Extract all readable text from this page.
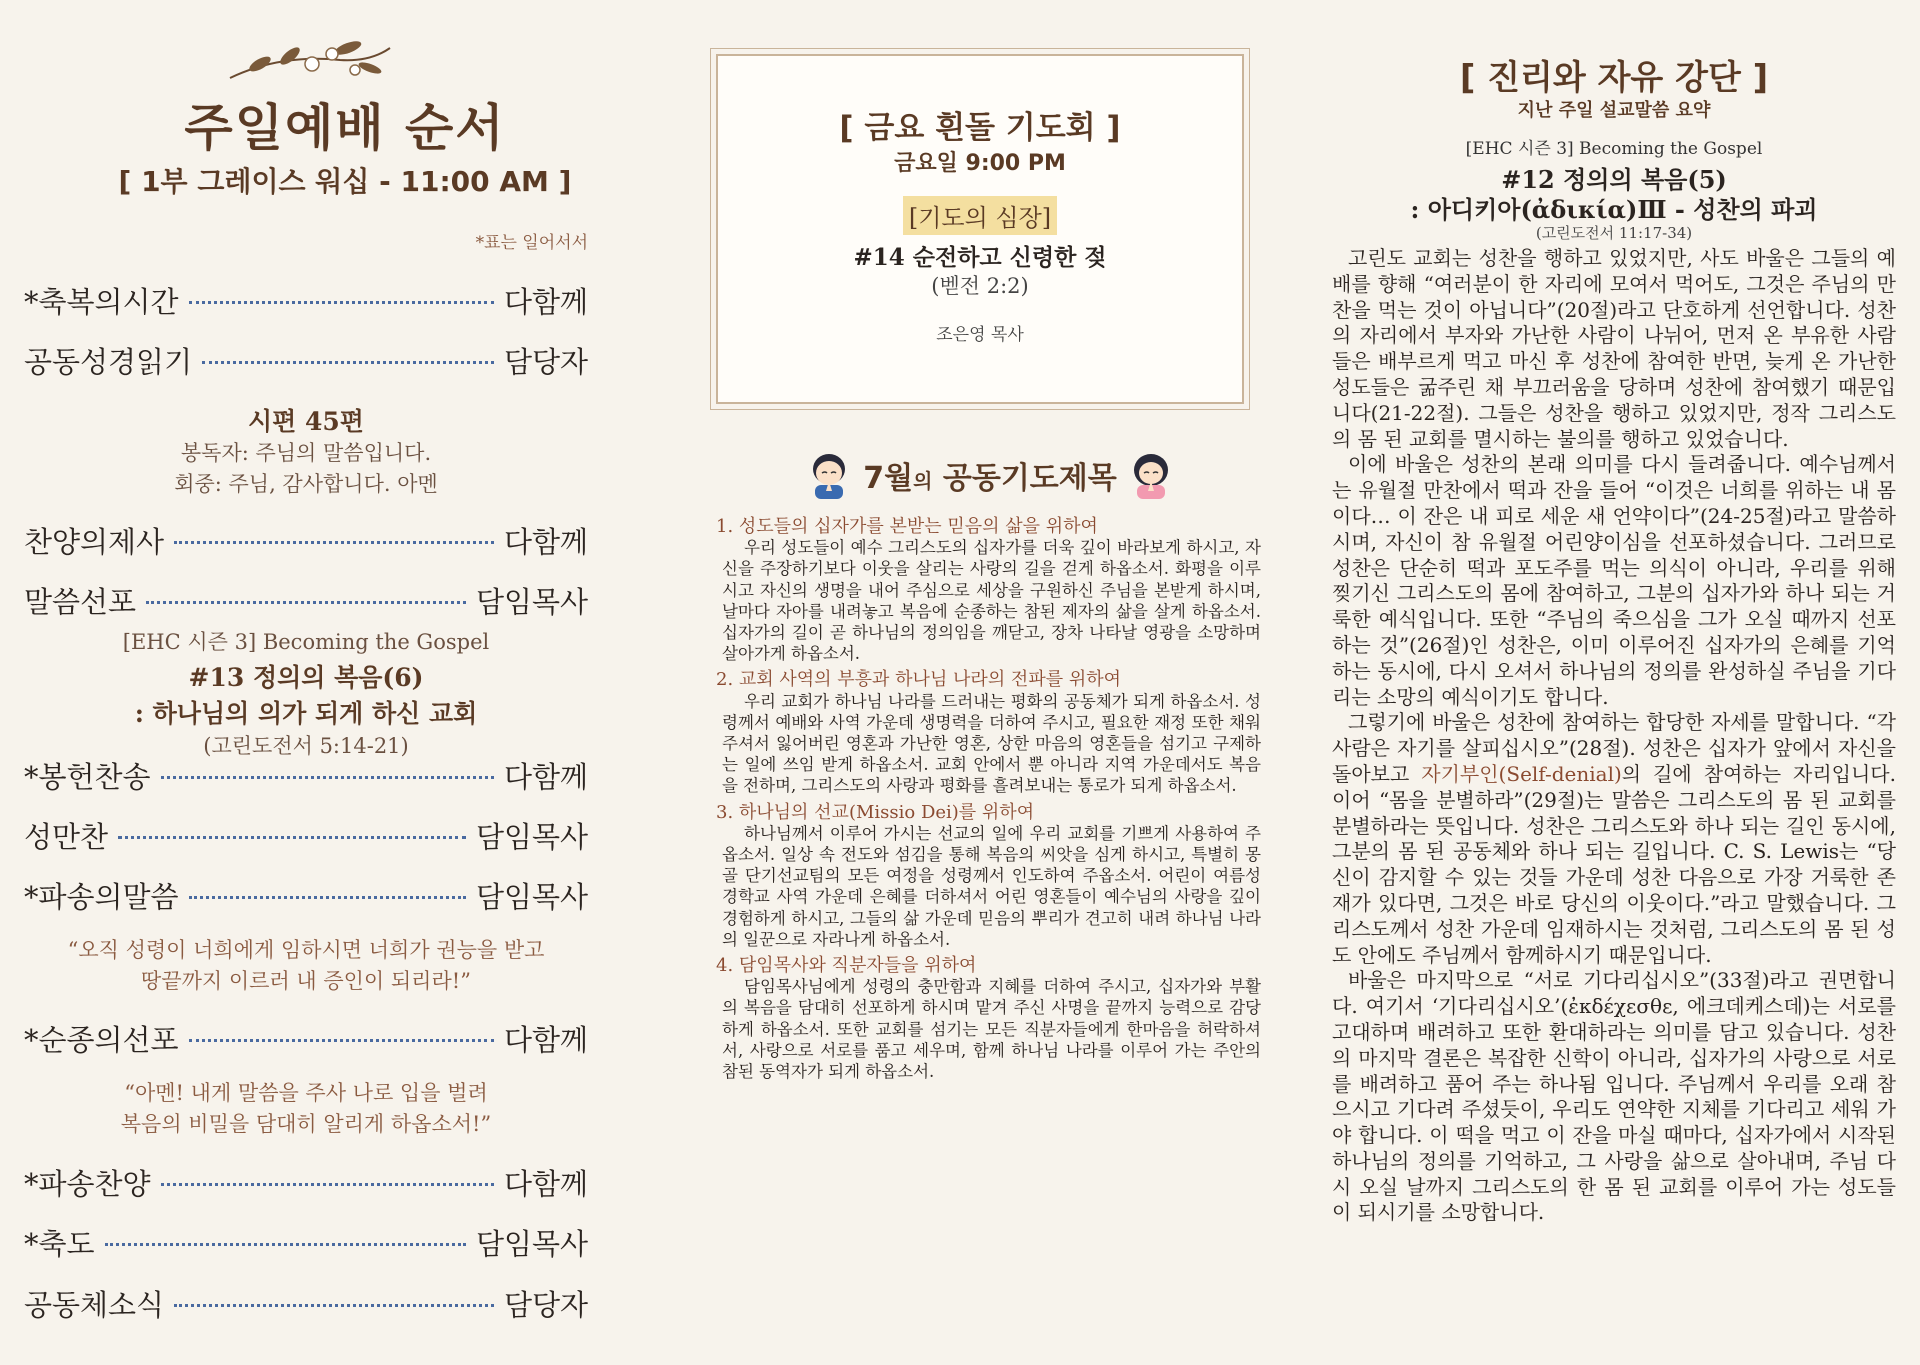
주일예배 순서
[ 1부 그레이스 워십 - 11:00 AM ]
*표는 일어서서
*축복의시간	다함께
공동성경읽기	담당자
시편 45편
봉독자: 주님의 말씀입니다.
회중: 주님, 감사합니다. 아멘
찬양의제사	다함께
말씀선포	담임목사
[EHC 시즌 3] Becoming the Gospel
#13 정의의 복음(6)
: 하나님의 의가 되게 하신 교회
(고린도전서 5:14-21)
*봉헌찬송	다함께
성만찬	담임목사
*파송의말씀	담임목사
“오직 성령이 너희에게 임하시면 너희가 권능을 받고
땅끝까지 이르러 내 증인이 되리라!”
*순종의선포	다함께
“아멘! 내게 말씀을 주사 나로 입을 벌려
복음의 비밀을 담대히 알리게 하옵소서!”
*파송찬양	다함께
*축도	담임목사
공동체소식	담당자
[ 금요 흰돌 기도회 ]
금요일 9:00 PM
[기도의 심장]
#14 순전하고 신령한 젖
(벧전 2:2)
조은영 목사
7월의 공동기도제목
1. 성도들의 십자가를 본받는 믿음의 삶을 위하여
우리 성도들이 예수 그리스도의 십자가를 더욱 깊이 바라보게 하시고, 자신을 주장하기보다 이웃을 살리는 사랑의 길을 걷게 하옵소서. 화평을 이루시고 자신의 생명을 내어 주심으로 세상을 구원하신 주님을 본받게 하시며, 날마다 자아를 내려놓고 복음에 순종하는 참된 제자의 삶을 살게 하옵소서. 십자가의 길이 곧 하나님의 정의임을 깨닫고, 장차 나타날 영광을 소망하며 살아가게 하옵소서.
2. 교회 사역의 부흥과 하나님 나라의 전파를 위하여
우리 교회가 하나님 나라를 드러내는 평화의 공동체가 되게 하옵소서. 성령께서 예배와 사역 가운데 생명력을 더하여 주시고, 필요한 재정 또한 채워 주셔서 잃어버린 영혼과 가난한 영혼, 상한 마음의 영혼들을 섬기고 구제하는 일에 쓰임 받게 하옵소서. 교회 안에서 뿐 아니라 지역 가운데서도 복음을 전하며, 그리스도의 사랑과 평화를 흘려보내는 통로가 되게 하옵소서.
3. 하나님의 선교(Missio Dei)를 위하여
하나님께서 이루어 가시는 선교의 일에 우리 교회를 기쁘게 사용하여 주옵소서. 일상 속 전도와 섬김을 통해 복음의 씨앗을 심게 하시고, 특별히 몽골 단기선교팀의 모든 여정을 성령께서 인도하여 주옵소서. 어린이 여름성경학교 사역 가운데 은혜를 더하셔서 어린 영혼들이 예수님의 사랑을 깊이 경험하게 하시고, 그들의 삶 가운데 믿음의 뿌리가 견고히 내려 하나님 나라의 일꾼으로 자라나게 하옵소서.
4. 담임목사와 직분자들을 위하여
담임목사님에게 성령의 충만함과 지혜를 더하여 주시고, 십자가와 부활의 복음을 담대히 선포하게 하시며 맡겨 주신 사명을 끝까지 능력으로 감당하게 하옵소서. 또한 교회를 섬기는 모든 직분자들에게 한마음을 허락하셔서, 사랑으로 서로를 품고 세우며, 함께 하나님 나라를 이루어 가는 주안의 참된 동역자가 되게 하옵소서.
[ 진리와 자유 강단 ]
지난 주일 설교말씀 요약
[EHC 시즌 3] Becoming the Gospel
#12 정의의 복음(5)
: 아디키아(ἀδικία)Ⅲ - 성찬의 파괴
(고린도전서 11:17-34)

고린도 교회는 성찬을 행하고 있었지만, 사도 바울은 그들의 예배를 향해 “여러분이 한 자리에 모여서 먹어도, 그것은 주님의 만찬을 먹는 것이 아닙니다”(20절)라고 단호하게 선언합니다. 성찬의 자리에서 부자와 가난한 사람이 나뉘어, 먼저 온 부유한 사람들은 배부르게 먹고 마신 후 성찬에 참여한 반면, 늦게 온 가난한 성도들은 굶주린 채 부끄러움을 당하며 성찬에 참여했기 때문입니다(21-22절). 그들은 성찬을 행하고 있었지만, 정작 그리스도의 몸 된 교회를 멸시하는 불의를 행하고 있었습니다.

이에 바울은 성찬의 본래 의미를 다시 들려줍니다. 예수님께서는 유월절 만찬에서 떡과 잔을 들어 “이것은 너희를 위하는 내 몸이다… 이 잔은 내 피로 세운 새 언약이다”(24-25절)라고 말씀하시며, 자신이 참 유월절 어린양이심을 선포하셨습니다. 그러므로 성찬은 단순히 떡과 포도주를 먹는 의식이 아니라, 우리를 위해 찢기신 그리스도의 몸에 참여하고, 그분의 십자가와 하나 되는 거룩한 예식입니다. 또한 “주님의 죽으심을 그가 오실 때까지 선포하는 것”(26절)인 성찬은, 이미 이루어진 십자가의 은혜를 기억하는 동시에, 다시 오셔서 하나님의 정의를 완성하실 주님을 기다리는 소망의 예식이기도 합니다.

그렇기에 바울은 성찬에 참여하는 합당한 자세를 말합니다. “각 사람은 자기를 살피십시오”(28절). 성찬은 십자가 앞에서 자신을 돌아보고 자기부인(Self-denial)의 길에 참여하는 자리입니다. 이어 “몸을 분별하라”(29절)는 말씀은 그리스도의 몸 된 교회를 분별하라는 뜻입니다. 성찬은 그리스도와 하나 되는 길인 동시에, 그분의 몸 된 공동체와 하나 되는 길입니다. C. S. Lewis는 “당신이 감지할 수 있는 것들 가운데 성찬 다음으로 가장 거룩한 존재가 있다면, 그것은 바로 당신의 이웃이다.”라고 말했습니다. 그리스도께서 성찬 가운데 임재하시는 것처럼, 그리스도의 몸 된 성도 안에도 주님께서 함께하시기 때문입니다.

바울은 마지막으로 “서로 기다리십시오”(33절)라고 권면합니다. 여기서 ‘기다리십시오’(ἐκδέχεσθε, 에크데케스데)는 서로를 고대하며 배려하고 또한 환대하라는 의미를 담고 있습니다. 성찬의 마지막 결론은 복잡한 신학이 아니라, 십자가의 사랑으로 서로를 배려하고 품어 주는 하나됨 입니다. 주님께서 우리를 오래 참으시고 기다려 주셨듯이, 우리도 연약한 지체를 기다리고 세워 가야 합니다. 이 떡을 먹고 이 잔을 마실 때마다, 십자가에서 시작된 하나님의 정의를 기억하고, 그 사랑을 삶으로 살아내며, 주님 다시 오실 날까지 그리스도의 한 몸 된 교회를 이루어 가는 성도들이 되시기를 소망합니다.
